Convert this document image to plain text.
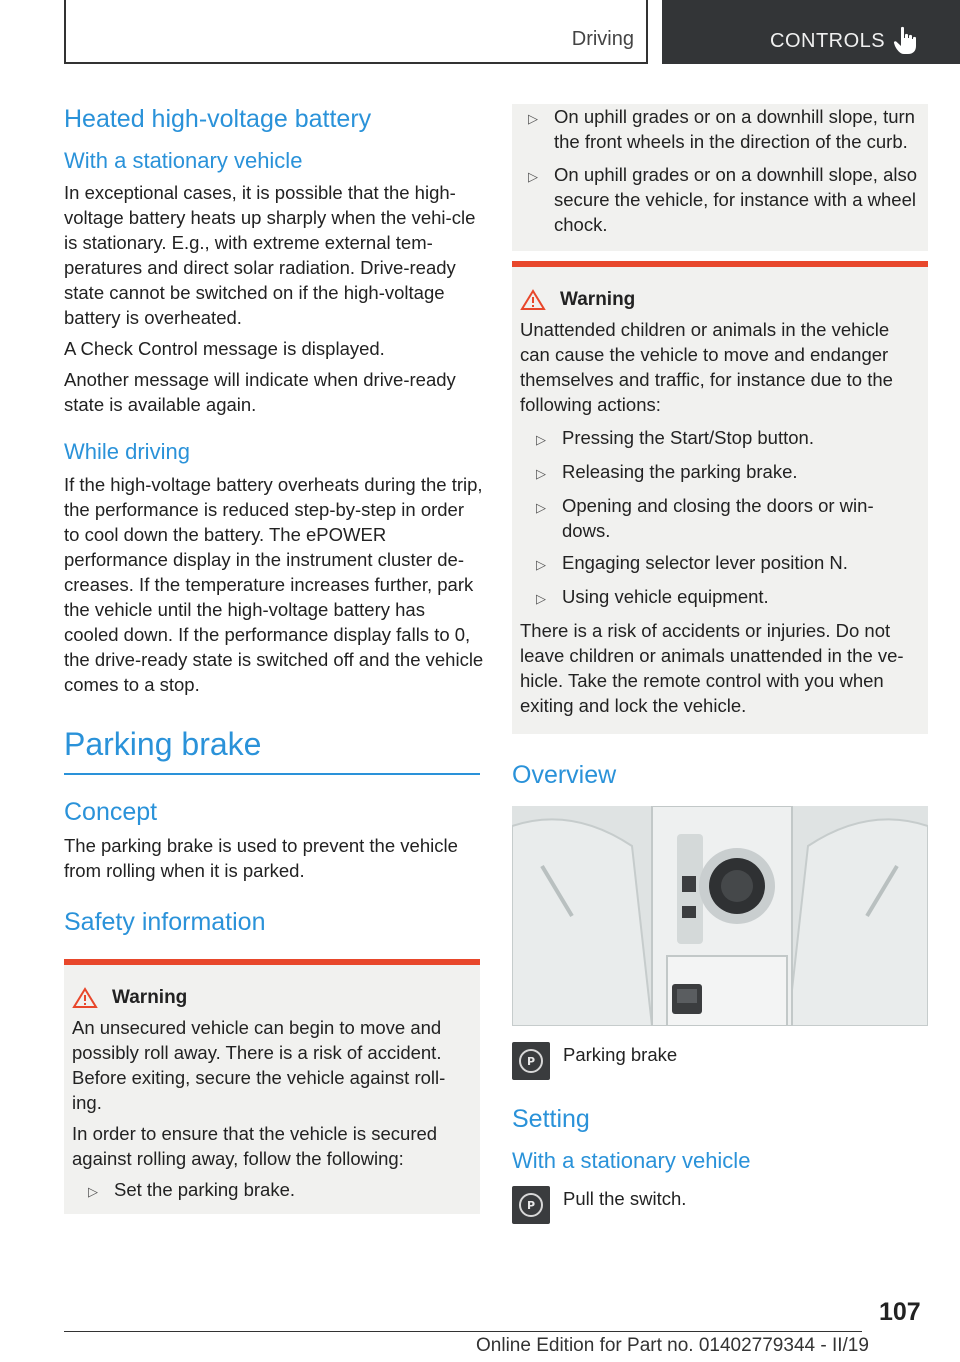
Driving	CONTROLS
Heated high-voltage battery
With a stationary vehicle

In exceptional cases, it is possible that the high-voltage battery heats up sharply when the vehi-cle is stationary. E.g., with extreme external tem-peratures and direct solar radiation. Drive-ready state cannot be switched on if the high-voltage battery is overheated.

A Check Control message is displayed.

Another message will indicate when drive-ready state is available again.

While driving

If the high-voltage battery overheats during the trip, the performance is reduced step-by-step in order to cool down the battery. The ePOWER performance display in the instrument cluster de-creases. If the temperature increases further, park the vehicle until the high-voltage battery has cooled down. If the performance display falls to 0, the drive-ready state is switched off and the vehicle comes to a stop.

Parking brake
Concept

The parking brake is used to prevent the vehicle from rolling when it is parked.

Safety information
Warning

An unsecured vehicle can begin to move and possibly roll away. There is a risk of accident. Before exiting, secure the vehicle against roll-ing.

In order to ensure that the vehicle is secured against rolling away, follow the following:

▷ Set the parking brake.
▷ On uphill grades or on a downhill slope, turn the front wheels in the direction of the curb.
▷ On uphill grades or on a downhill slope, also secure the vehicle, for instance with a wheel chock.
Warning

Unattended children or animals in the vehicle can cause the vehicle to move and endanger themselves and traffic, for instance due to the following actions:

▷ Pressing the Start/Stop button.
▷ Releasing the parking brake.
▷ Opening and closing the doors or win-dows.
▷ Engaging selector lever position N.
▷ Using vehicle equipment.

There is a risk of accidents or injuries. Do not leave children or animals unattended in the ve-hicle. Take the remote control with you when exiting and lock the vehicle.

Overview
P	Parking brake

Setting
With a stationary vehicle
P	Pull the switch.

107
Online Edition for Part no. 01402779344 - II/19
